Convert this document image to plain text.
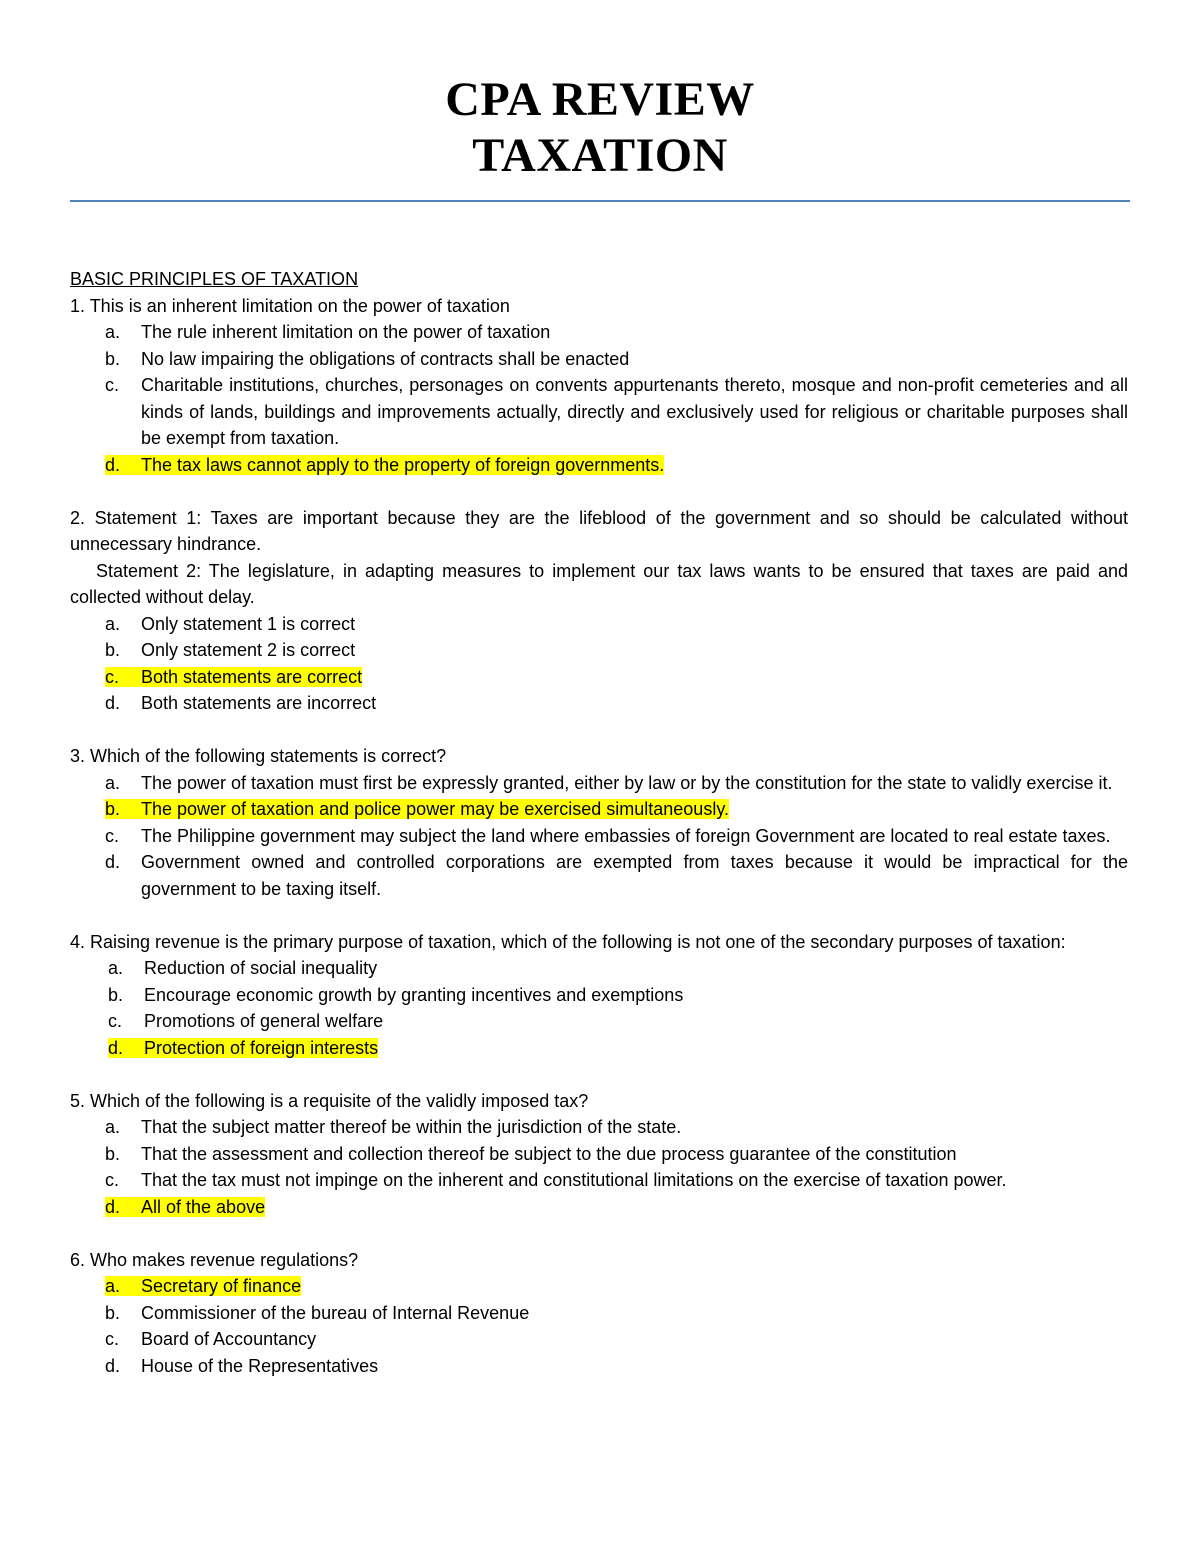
CPA REVIEW
TAXATION
BASIC PRINCIPLES OF TAXATION
1. This is an inherent limitation on the power of taxation
a.	The rule inherent limitation on the power of taxation
b.	No law impairing the obligations of contracts shall be enacted
c.	Charitable institutions, churches, personages on convents appurtenants thereto, mosque and non-profit cemeteries and all kinds of lands, buildings and improvements actually, directly and exclusively used for religious or charitable purposes shall be exempt from taxation.
d.	The tax laws cannot apply to the property of foreign governments.
2. Statement 1: Taxes are important because they are the lifeblood of the government and so should be calculated without unnecessary hindrance.
Statement 2: The legislature, in adapting measures to implement our tax laws wants to be ensured that taxes are paid and collected without delay.
a.	Only statement 1 is correct
b.	Only statement 2 is correct
c.	Both statements are correct
d.	Both statements are incorrect
3. Which of the following statements is correct?
a.	The power of taxation must first be expressly granted, either by law or by the constitution for the state to validly exercise it.
b.	The power of taxation and police power may be exercised simultaneously.
c.	The Philippine government may subject the land where embassies of foreign Government are located to real estate taxes.
d.	Government owned and controlled corporations are exempted from taxes because it would be impractical for the government to be taxing itself.
4. Raising revenue is the primary purpose of taxation, which of the following is not one of the secondary purposes of taxation:
a.	Reduction of social inequality
b.	Encourage economic growth by granting incentives and exemptions
c.	Promotions of general welfare
d.	Protection of foreign interests
5. Which of the following is a requisite of the validly imposed tax?
a.	That the subject matter thereof be within the jurisdiction of the state.
b.	That the assessment and collection thereof be subject to the due process guarantee of the constitution
c.	That the tax must not impinge on the inherent and constitutional limitations on the exercise of taxation power.
d.	All of the above
6. Who makes revenue regulations?
a.	Secretary of finance
b.	Commissioner of the bureau of Internal Revenue
c.	Board of Accountancy
d.	House of the Representatives
